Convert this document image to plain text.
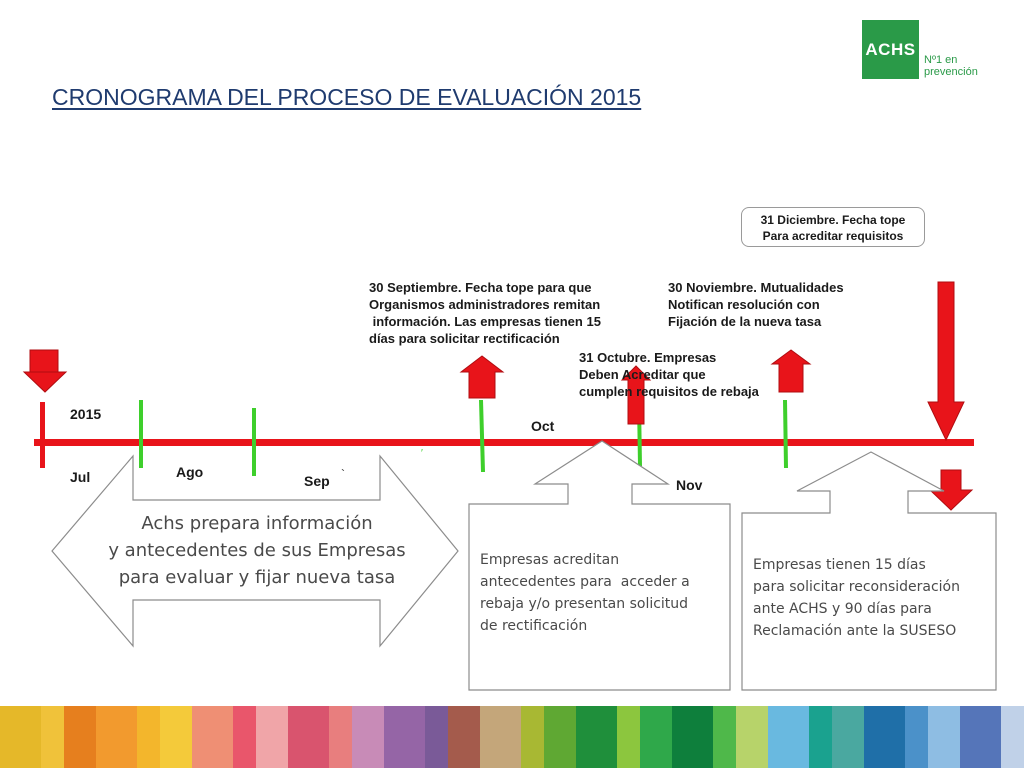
CRONOGRAMA DEL PROCESO DE EVALUACIÓN 2015
ACHS
Nº1 en prevención
`
′
2015
Jul	Ago
Sep
Oct
Nov
30 Septiembre. Fecha tope para que
Organismos administradores remitan
información. Las empresas tienen 15
días para solicitar rectificación
31 Octubre. Empresas
Deben Acreditar que
cumplen requisitos de rebaja
30 Noviembre. Mutualidades
Notifican resolución con
Fijación de la nueva tasa
31 Diciembre. Fecha tope
Para acreditar requisitos
Achs prepara información
y antecedentes de sus Empresas
para evaluar y fijar nueva tasa
Empresas acreditan
antecedentes para  acceder a
rebaja y/o presentan solicitud
de rectificación
Empresas tienen 15 días
para solicitar reconsideración
ante ACHS y 90 días para
Reclamación ante la SUSESO
